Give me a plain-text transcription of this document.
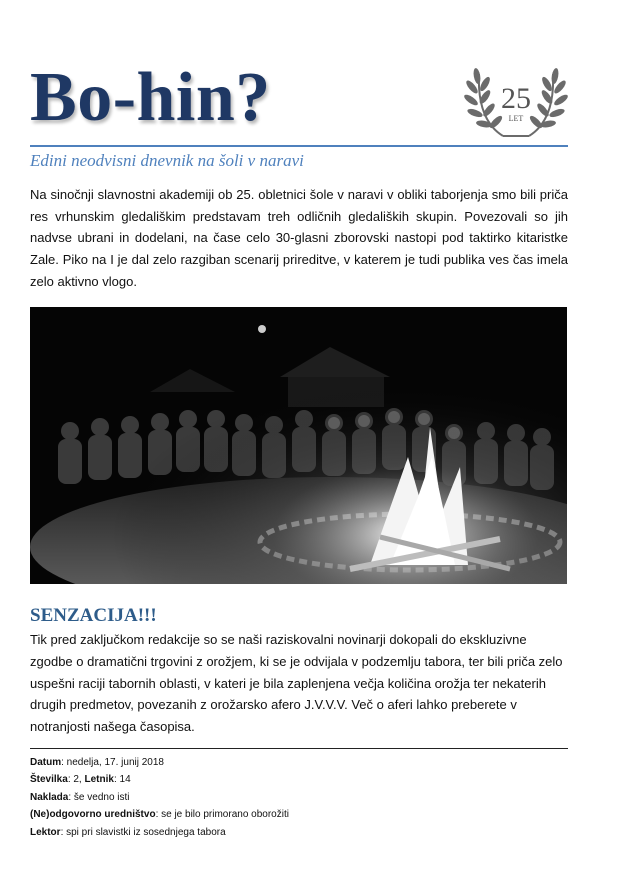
Bo-hin?	25
LET

Edini neodvisni dnevnik na šoli v naravi

Na sinočnji slavnostni akademiji ob 25. obletnici šole v naravi v obliki taborjenja smo bili priča res vrhunskim gledališkim predstavam treh odličnih gledaliških skupin. Povezovali so jih nadvse ubrani in dodelani, na čase celo 30-glasni zborovski nastopi pod taktirko kitaristke Zale. Piko na I je dal zelo razgiban scenarij prireditve, v katerem je tudi publika ves čas imela zelo aktivno vlogo.

SENZACIJA!!!

Tik pred zaključkom redakcije so se naši raziskovalni novinarji dokopali do ekskluzivne zgodbe o dramatični trgovini z orožjem, ki se je odvijala v podzemlju tabora, ter bili priča zelo uspešni raciji tabornih oblasti, v kateri je bila zaplenjena večja količina orožja ter nekaterih drugih predmetov, povezanih z orožarsko afero J.V.V.V. Več o aferi lahko preberete v notranjosti našega časopisa.

Datum: nedelja, 17. junij 2018
Številka: 2, Letnik: 14
Naklada: še vedno isti
(Ne)odgovorno uredništvo: se je bilo primorano oborožiti
Lektor: spi pri slavistki iz sosednjega tabora
